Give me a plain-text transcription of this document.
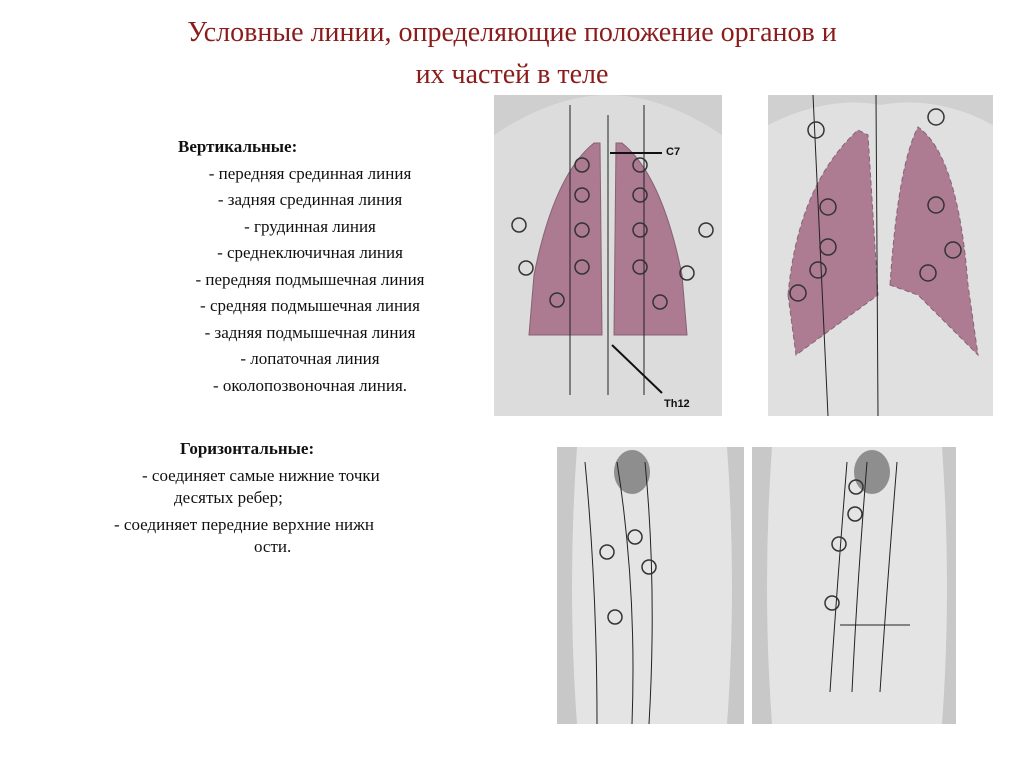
Условные линии, определяющие положение органов и
их частей в теле
Вертикальные:
- передняя срединная линия
- задняя срединная линия
- грудинная линия
- среднеключичная линия
- передняя подмышечная линия
- средняя подмышечная линия
- задняя подмышечная линия
- лопаточная линия
- околопозвоночная линия.
Горизонтальные:
- соединяет самые нижние точки
десятых ребер;
- соединяет передние верхние нижн
ости.
C7
Th12
